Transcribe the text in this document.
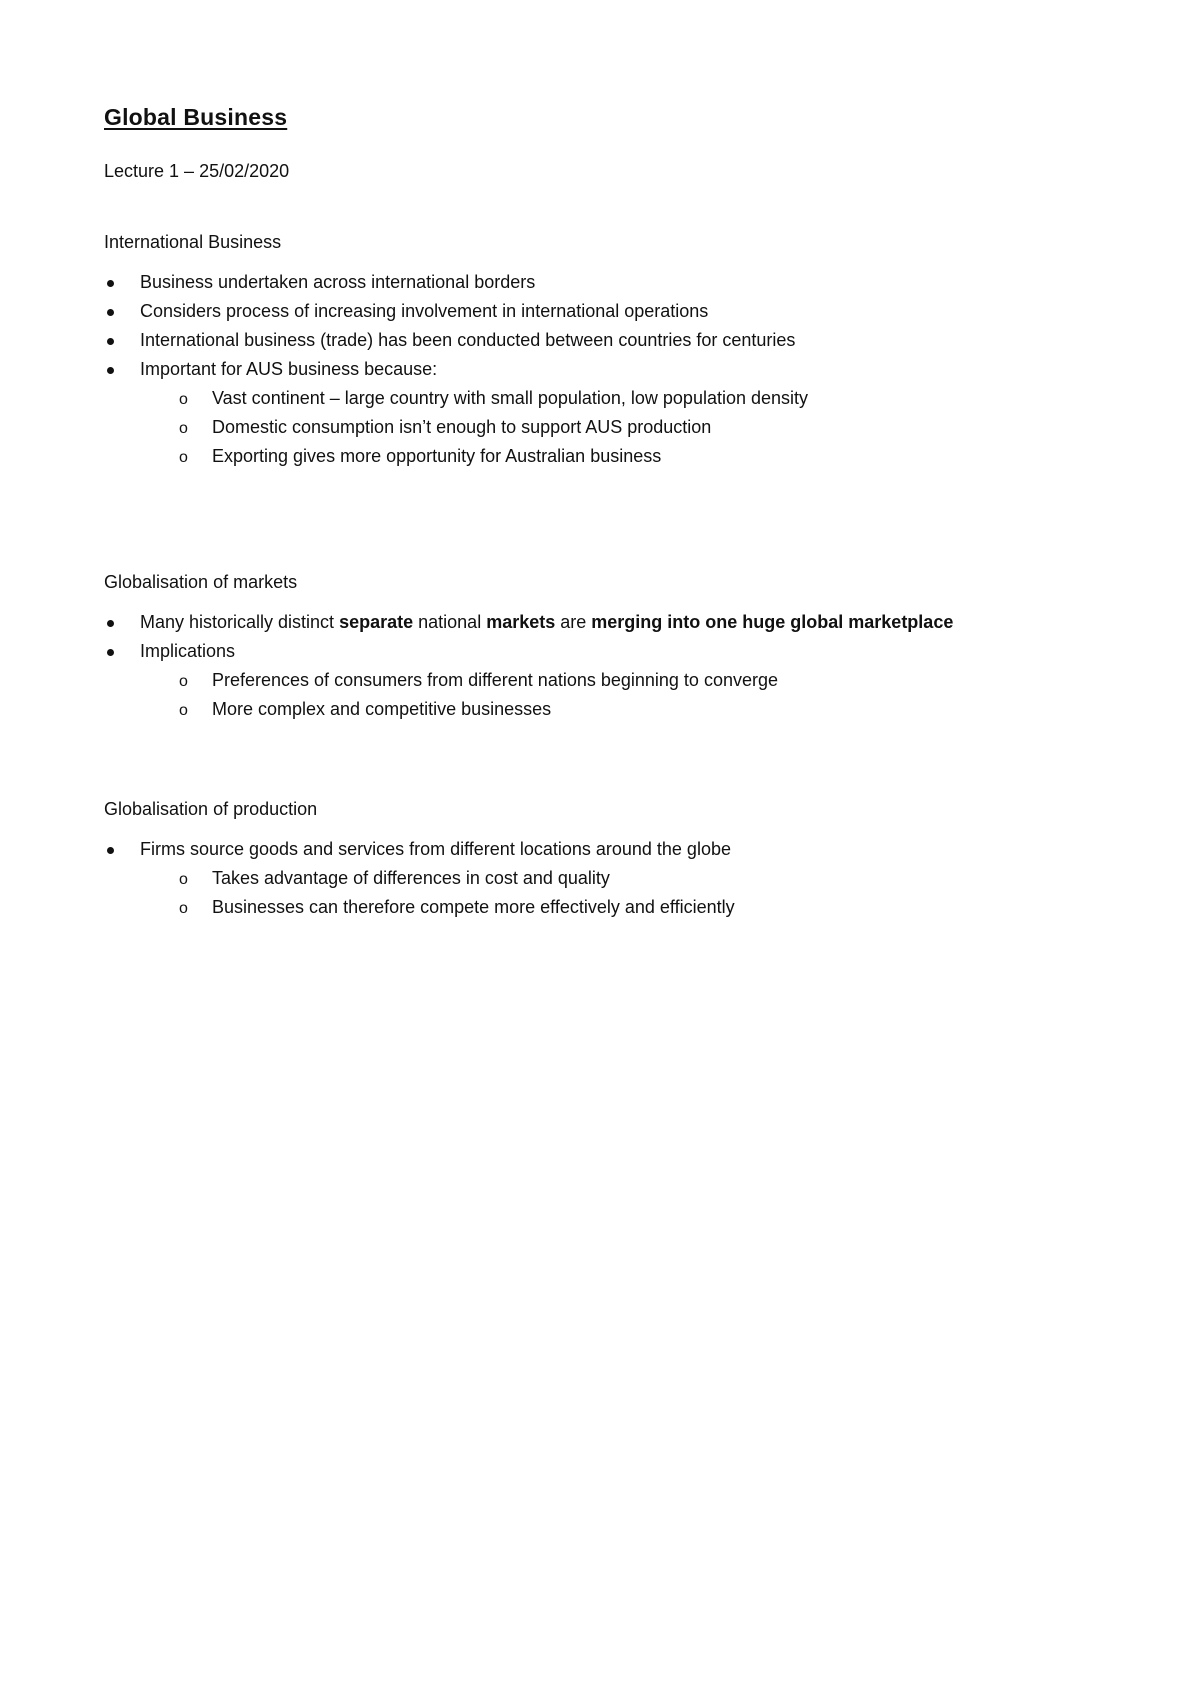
Global Business

Lecture 1 – 25/02/2020

International Business

Business undertaken across international borders
Considers process of increasing involvement in international operations
International business (trade) has been conducted between countries for centuries
Important for AUS business because:
o Vast continent – large country with small population, low population density
o Domestic consumption isn’t enough to support AUS production
o Exporting gives more opportunity for Australian business

Globalisation of markets

Many historically distinct separate national markets are merging into one huge global marketplace
Implications
o Preferences of consumers from different nations beginning to converge
o More complex and competitive businesses

Globalisation of production

Firms source goods and services from different locations around the globe
o Takes advantage of differences in cost and quality
o Businesses can therefore compete more effectively and efficiently
